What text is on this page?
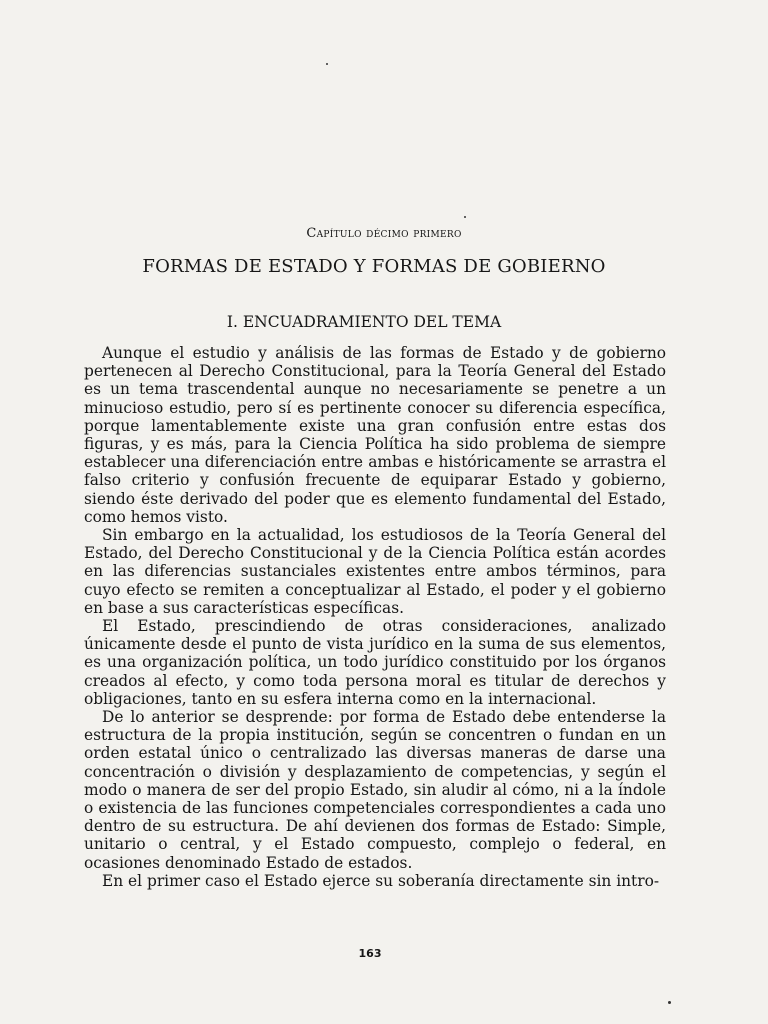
Capítulo décimo primero
FORMAS DE ESTADO Y FORMAS DE GOBIERNO
I. ENCUADRAMIENTO DEL TEMA

Aunque el estudio y análisis de las formas de Estado y de gobierno pertenecen al Derecho Constitucional, para la Teoría General del Estado es un tema trascendental aunque no necesariamente se penetre a un minucioso estudio, pero sí es pertinente conocer su diferencia específica, porque lamentablemente existe una gran confusión entre estas dos figuras, y es más, para la Ciencia Política ha sido problema de siempre establecer una diferenciación entre ambas e históricamente se arrastra el falso criterio y confusión frecuente de equiparar Estado y gobierno, siendo éste derivado del poder que es elemento fundamental del Estado, como hemos visto.

Sin embargo en la actualidad, los estudiosos de la Teoría General del Estado, del Derecho Constitucional y de la Ciencia Política están acordes en las diferencias sustanciales existentes entre ambos términos, para cuyo efecto se remiten a conceptualizar al Estado, el poder y el gobierno en base a sus características específicas.

El Estado, prescindiendo de otras consideraciones, analizado únicamente desde el punto de vista jurídico en la suma de sus elementos, es una organización política, un todo jurídico constituido por los órganos creados al efecto, y como toda persona moral es titular de derechos y obligaciones, tanto en su esfera interna como en la internacional.

De lo anterior se desprende: por forma de Estado debe entenderse la estructura de la propia institución, según se concentren o fundan en un orden estatal único o centralizado las diversas maneras de darse una concentración o división y desplazamiento de competencias, y según el modo o manera de ser del propio Estado, sin aludir al cómo, ni a la índole o existencia de las funciones competenciales correspondientes a cada uno dentro de su estructura. De ahí devienen dos formas de Estado: Simple, unitario o central, y el Estado compuesto, complejo o federal, en ocasiones denominado Estado de estados.

En el primer caso el Estado ejerce su soberanía directamente sin intro-

163
